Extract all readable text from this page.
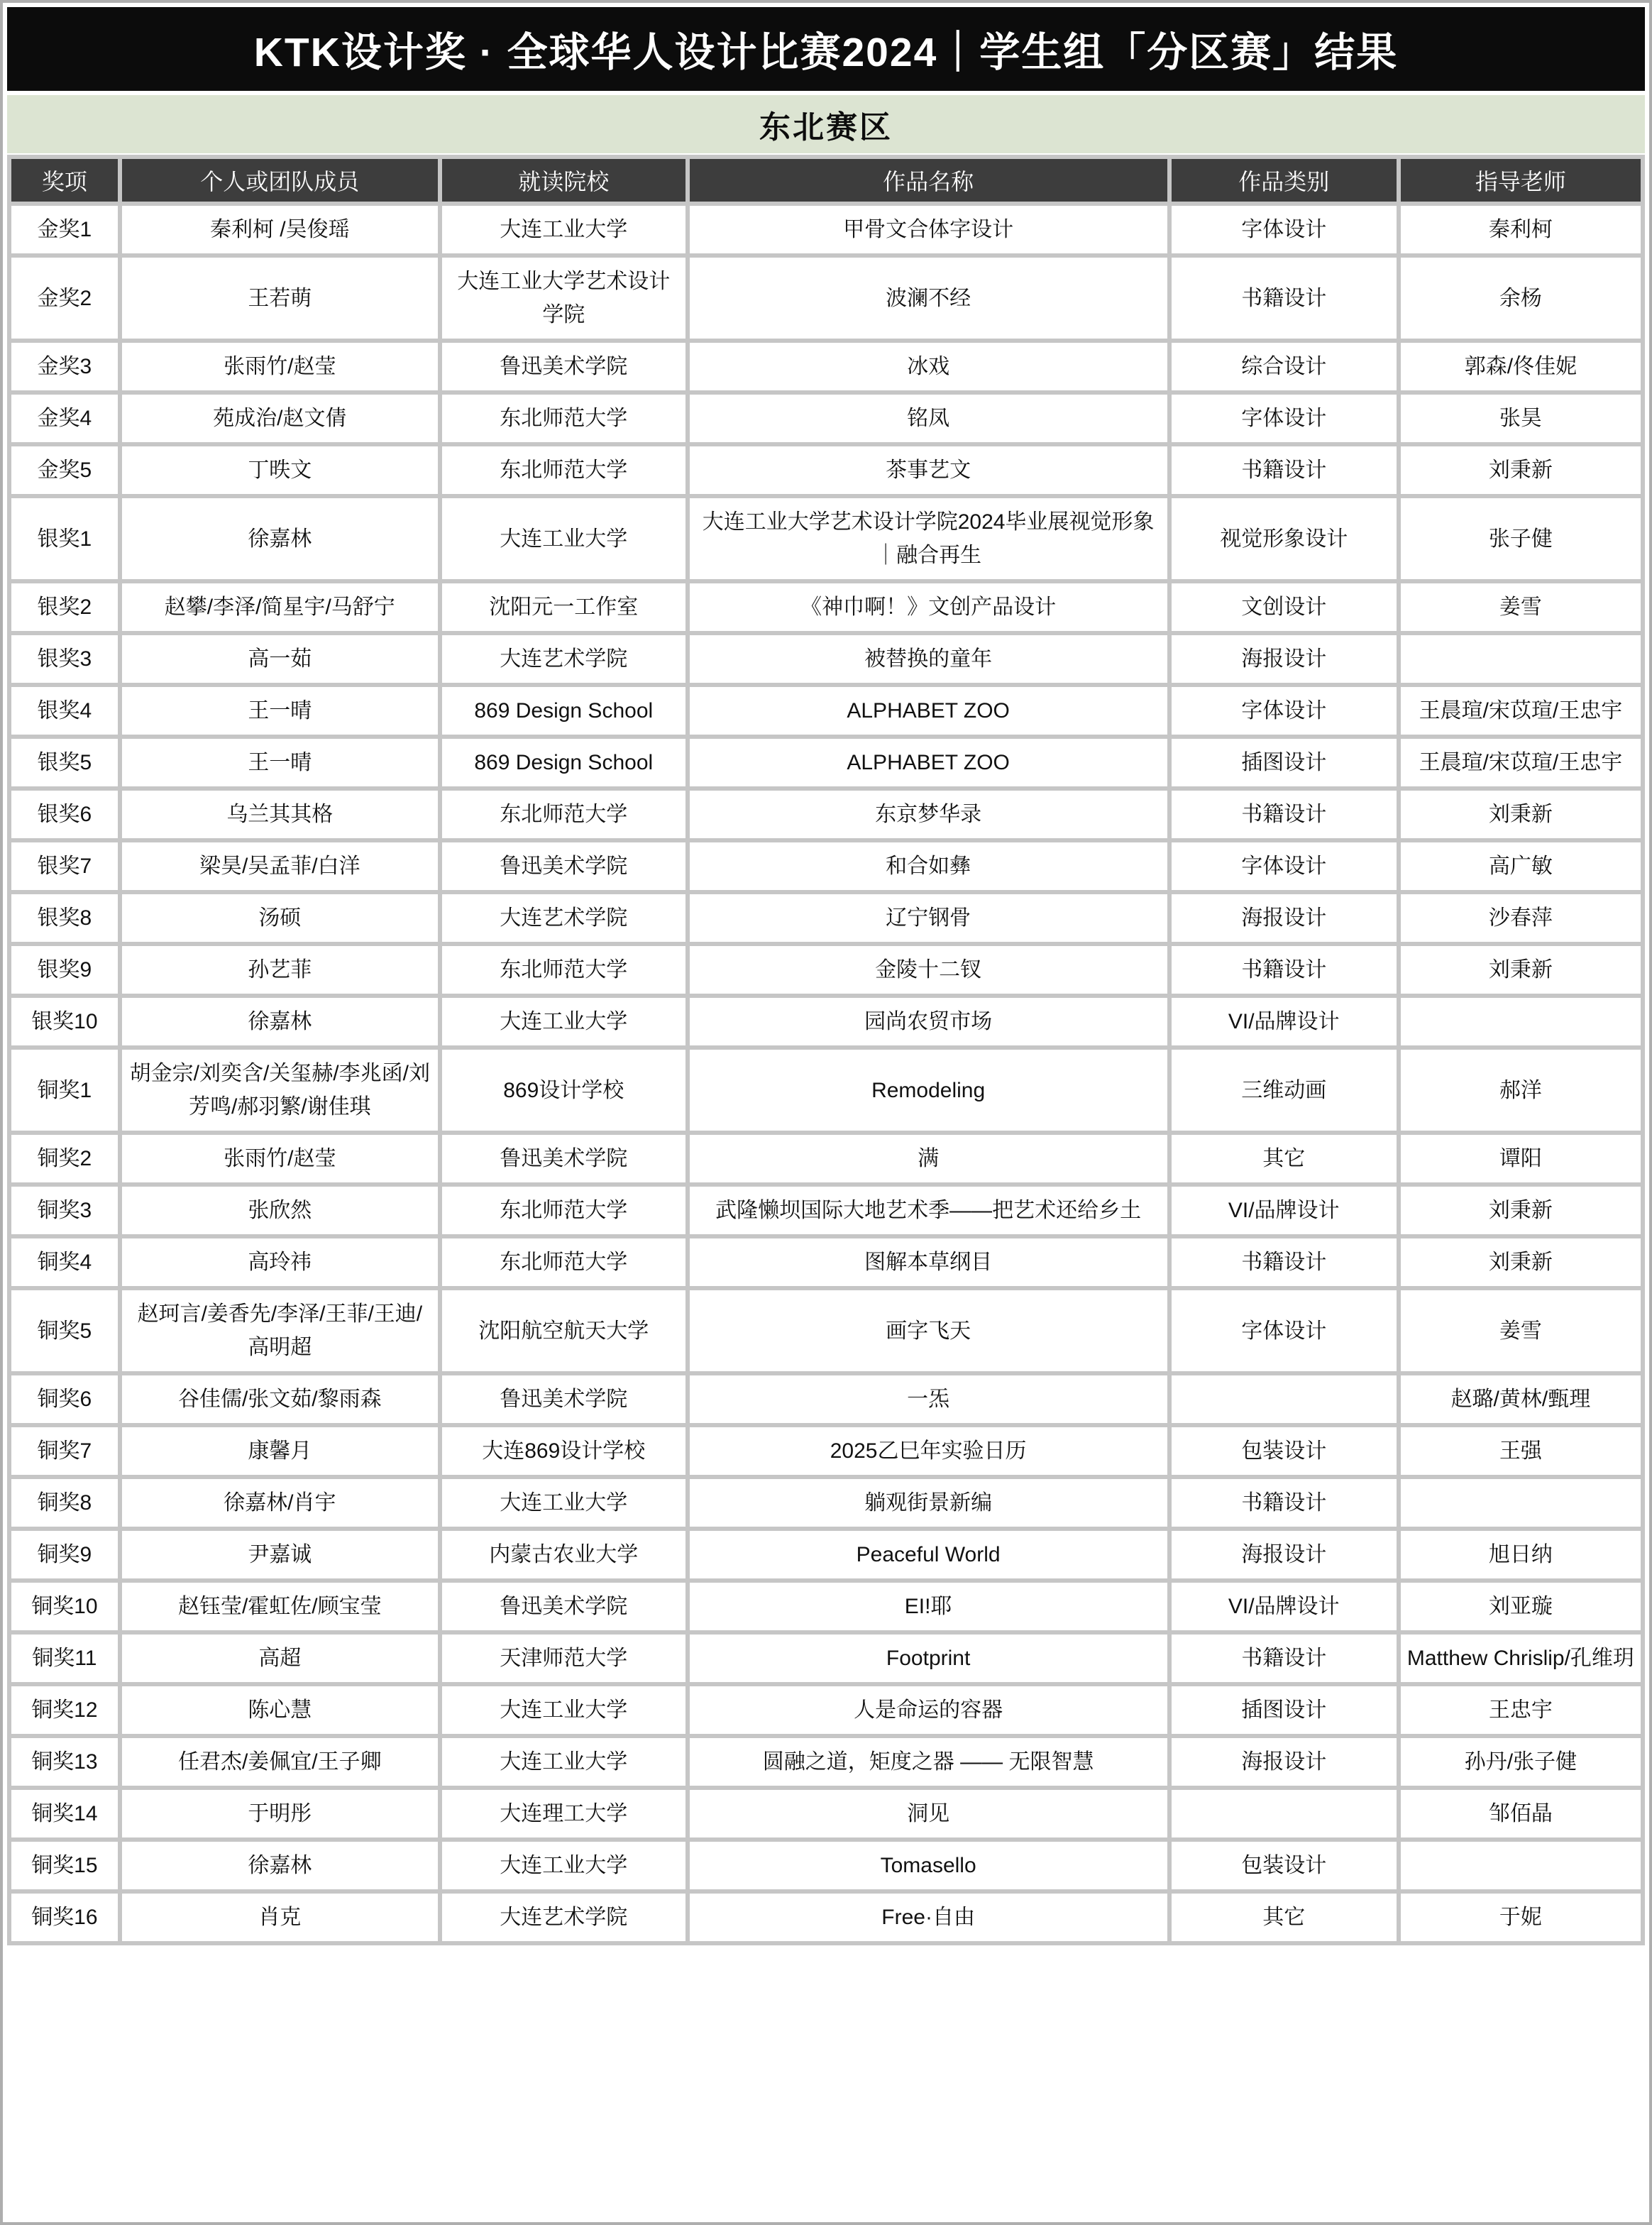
KTK设计奖 · 全球华人设计比赛2024｜学生组「分区赛」结果
东北赛区
奖项	个人或团队成员	就读院校	作品名称	作品类别	指导老师
金奖1	秦利柯 /吴俊瑶	大连工业大学	甲骨文合体字设计	字体设计	秦利柯
金奖2	王若萌	大连工业大学艺术设计学院	波澜不经	书籍设计	余杨
金奖3	张雨竹/赵莹	鲁迅美术学院	冰戏	综合设计	郭森/佟佳妮
金奖4	苑成治/赵文倩	东北师范大学	铭凤	字体设计	张昊
金奖5	丁昳文	东北师范大学	茶事艺文	书籍设计	刘秉新
银奖1	徐嘉林	大连工业大学	大连工业大学艺术设计学院2024毕业展视觉形象｜融合再生	视觉形象设计	张子健
银奖2	赵攀/李泽/简星宇/马舒宁	沈阳元一工作室	《神巾啊！》文创产品设计	文创设计	姜雪
银奖3	高一茹	大连艺术学院	被替换的童年	海报设计	
银奖4	王一晴	869 Design School	ALPHABET ZOO	字体设计	王晨瑄/宋苡瑄/王忠宇
银奖5	王一晴	869 Design School	ALPHABET ZOO	插图设计	王晨瑄/宋苡瑄/王忠宇
银奖6	乌兰其其格	东北师范大学	东京梦华录	书籍设计	刘秉新
银奖7	梁昊/吴孟菲/白洋	鲁迅美术学院	和合如彝	字体设计	高广敏
银奖8	汤硕	大连艺术学院	辽宁钢骨	海报设计	沙春萍
银奖9	孙艺菲	东北师范大学	金陵十二钗	书籍设计	刘秉新
银奖10	徐嘉林	大连工业大学	园尚农贸市场	VI/品牌设计	
铜奖1	胡金宗/刘奕含/关玺赫/李兆函/刘芳鸣/郝羽繁/谢佳琪	869设计学校	Remodeling	三维动画	郝洋
铜奖2	张雨竹/赵莹	鲁迅美术学院	满	其它	谭阳
铜奖3	张欣然	东北师范大学	武隆懒坝国际大地艺术季——把艺术还给乡土	VI/品牌设计	刘秉新
铜奖4	高玲祎	东北师范大学	图解本草纲目	书籍设计	刘秉新
铜奖5	赵珂言/姜香先/李泽/王菲/王迪/高明超	沈阳航空航天大学	画字飞天	字体设计	姜雪
铜奖6	谷佳儒/张文茹/黎雨森	鲁迅美术学院	一炁		赵璐/黄林/甄理
铜奖7	康馨月	大连869设计学校	2025乙巳年实验日历	包装设计	王强
铜奖8	徐嘉林/肖宇	大连工业大学	躺观街景新编	书籍设计	
铜奖9	尹嘉诚	内蒙古农业大学	Peaceful World	海报设计	旭日纳
铜奖10	赵钰莹/霍虹佐/顾宝莹	鲁迅美术学院	EI!耶	VI/品牌设计	刘亚璇
铜奖11	高超	天津师范大学	Footprint	书籍设计	Matthew Chrislip/孔维玥
铜奖12	陈心慧	大连工业大学	人是命运的容器	插图设计	王忠宇
铜奖13	任君杰/姜佩宜/王子卿	大连工业大学	圆融之道，矩度之器 —— 无限智慧	海报设计	孙丹/张子健
铜奖14	于明彤	大连理工大学	洞见		邹佰晶
铜奖15	徐嘉林	大连工业大学	Tomasello	包装设计	
铜奖16	肖克	大连艺术学院	Free·自由	其它	于妮
